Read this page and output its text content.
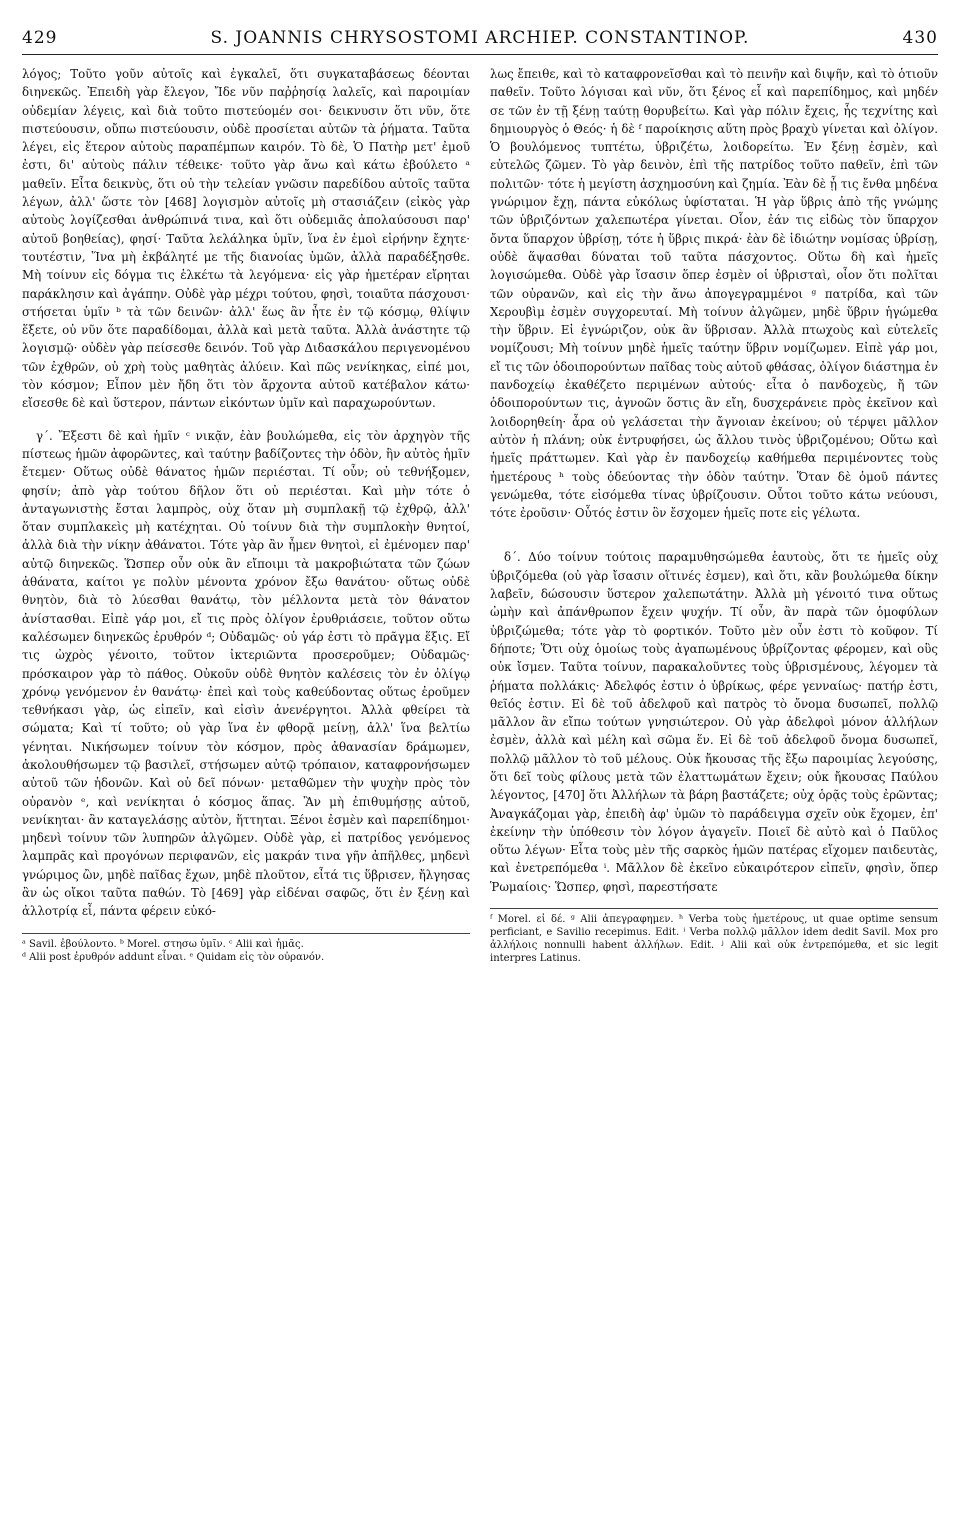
429	S. JOANNIS CHRYSOSTOMI ARCHIEP. CONSTANTINOP.	430

λόγος; Τοῦτο γοῦν αὐτοῖς καὶ ἐγκαλεῖ, ὅτι συγκαταβάσεως δέονται διηνεκῶς. Ἐπειδὴ γὰρ ἔλεγον, Ἴδε νῦν παῤῥησίᾳ λαλεῖς, καὶ παροιμίαν οὐδεμίαν λέγεις, καὶ διὰ τοῦτο πιστεύομέν σοι· δεικνυσιν ὅτι νῦν, ὅτε πιστεύουσιν, οὔπω πιστεύουσιν, οὐδὲ προσίεται αὐτῶν τὰ ῥήματα. Ταῦτα λέγει, εἰς ἕτερον αὐτοὺς παραπέμπων καιρόν. Τὸ δὲ, Ὁ Πατὴρ μετ' ἐμοῦ ἐστι, δι' αὐτοὺς πάλιν τέθεικε· τοῦτο γὰρ ἄνω καὶ κάτω ἐβούλετο ᵃ μαθεῖν. Εἶτα δεικνὺς, ὅτι οὐ τὴν τελείαν γνῶσιν παρεδίδου αὐτοῖς ταῦτα λέγων, ἀλλ' ὥστε τὸν [468] λογισμὸν αὐτοῖς μὴ στασιάζειν (εἰκὸς γὰρ αὐτοὺς λογίζεσθαι ἀνθρώπινά τινα, καὶ ὅτι οὐδεμιᾶς ἀπολαύσουσι παρ' αὐτοῦ βοηθείας), φησί· Ταῦτα λελάληκα ὑμῖν, ἵνα ἐν ἐμοὶ εἰρήνην ἔχητε· τουτέστιν, Ἵνα μὴ ἐκβάλητέ με τῆς διανοίας ὑμῶν, ἀλλὰ παραδέξησθε. Μὴ τοίνυν εἰς δόγμα τις ἑλκέτω τὰ λεγόμενα· εἰς γὰρ ἡμετέραν εἴρηται παράκλησιν καὶ ἀγάπην. Οὐδὲ γὰρ μέχρι τούτου, φησὶ, τοιαῦτα πάσχουσι· στήσεται ὑμῖν ᵇ τὰ τῶν δεινῶν· ἀλλ' ἕως ἂν ἦτε ἐν τῷ κόσμῳ, θλίψιν ἕξετε, οὐ νῦν ὅτε παραδίδομαι, ἀλλὰ καὶ μετὰ ταῦτα. Ἀλλὰ ἀνάστητε τῷ λογισμῷ· οὐδὲν γὰρ πείσεσθε δεινόν. Τοῦ γὰρ Διδασκάλου περιγενομένου τῶν ἐχθρῶν, οὐ χρὴ τοὺς μαθητὰς ἀλύειν. Καὶ πῶς νενίκηκας, εἰπέ μοι, τὸν κόσμον; Εἶπον μὲν ἤδη ὅτι τὸν ἄρχοντα αὐτοῦ κατέβαλον κάτω· εἴσεσθε δὲ καὶ ὕστερον, πάντων εἰκόντων ὑμῖν καὶ παραχωρούντων.

γ΄. Ἔξεστι δὲ καὶ ἡμῖν ᶜ νικᾷν, ἐὰν βουλώμεθα, εἰς τὸν ἀρχηγὸν τῆς πίστεως ἡμῶν ἀφορῶντες, καὶ ταύτην βαδίζοντες τὴν ὁδὸν, ἣν αὐτὸς ἡμῖν ἔτεμεν· Οὕτως οὐδὲ θάνατος ἡμῶν περιέσται. Τί οὖν; οὐ τεθνήξομεν, φησίν; ἀπὸ γὰρ τούτου δῆλον ὅτι οὐ περιέσται. Καὶ μὴν τότε ὁ ἀνταγωνιστὴς ἔσται λαμπρὸς, οὐχ ὅταν μὴ συμπλακῇ τῷ ἐχθρῷ, ἀλλ' ὅταν συμπλακεὶς μὴ κατέχηται. Οὐ τοίνυν διὰ τὴν συμπλοκὴν θνητοί, ἀλλὰ διὰ τὴν νίκην ἀθάνατοι. Τότε γὰρ ἂν ἦμεν θνητοὶ, εἰ ἐμένομεν παρ' αὐτῷ διηνεκῶς. Ὥσπερ οὖν οὐκ ἂν εἴποιμι τὰ μακροβιώτατα τῶν ζώων ἀθάνατα, καίτοι γε πολὺν μένοντα χρόνον ἔξω θανάτου· οὕτως οὐδὲ θνητὸν, διὰ τὸ λύεσθαι θανάτῳ, τὸν μέλλοντα μετὰ τὸν θάνατον ἀνίστασθαι. Εἰπὲ γάρ μοι, εἴ τις πρὸς ὀλίγον ἐρυθριάσειε, τοῦτον οὕτω καλέσωμεν διηνεκῶς ἐρυθρόν ᵈ; Οὐδαμῶς· οὐ γάρ ἐστι τὸ πρᾶγμα ἕξις. Εἴ τις ὠχρὸς γένοιτο, τοῦτον ἰκτεριῶντα προσεροῦμεν; Οὐδαμῶς· πρόσκαιρον γὰρ τὸ πάθος. Οὐκοῦν οὐδὲ θνητὸν καλέσεις τὸν ἐν ὀλίγῳ χρόνῳ γενόμενον ἐν θανάτῳ· ἐπεὶ καὶ τοὺς καθεύδοντας οὕτως ἐροῦμεν τεθνήκασι γὰρ, ὡς εἰπεῖν, καὶ εἰσὶν ἀνενέργητοι. Ἀλλὰ φθείρει τὰ σώματα; Καὶ τί τοῦτο; οὐ γὰρ ἵνα ἐν φθορᾷ μείνῃ, ἀλλ' ἵνα βελτίω γένηται. Νικήσωμεν τοίνυν τὸν κόσμον, πρὸς ἀθανασίαν δράμωμεν, ἀκολουθήσωμεν τῷ βασιλεῖ, στήσωμεν αὐτῷ τρόπαιον, καταφρονήσωμεν αὐτοῦ τῶν ἡδονῶν. Καὶ οὐ δεῖ πόνων· μεταθῶμεν τὴν ψυχὴν πρὸς τὸν οὐρανὸν ᵉ, καὶ νενίκηται ὁ κόσμος ἅπας. Ἂν μὴ ἐπιθυμήσῃς αὐτοῦ, νενίκηται· ἂν καταγελάσῃς αὐτὸν, ἥττηται. Ξένοι ἐσμὲν καὶ παρεπίδημοι· μηδενὶ τοίνυν τῶν λυπηρῶν ἀλγῶμεν. Οὐδὲ γὰρ, εἰ πατρίδος γενόμενος λαμπρᾶς καὶ προγόνων περιφανῶν, εἰς μακράν τινα γῆν ἀπῆλθες, μηδενὶ γνώριμος ὢν, μηδὲ παῖδας ἔχων, μηδὲ πλοῦτον, εἶτά τις ὕβρισεν, ἤλγησας ἂν ὡς οἴκοι ταῦτα παθών. Τὸ [469] γὰρ εἰδέναι σαφῶς, ὅτι ἐν ξένῃ καὶ ἀλλοτρίᾳ εἶ, πάντα φέρειν εὐκό-

ᵃ Savil. ἐβούλοντο. ᵇ Morel. στησω ὑμῖν. ᶜ Alii καὶ ἡμᾶς.

ᵈ Alii post ἐρυθρόν addunt εἶναι. ᵉ Quidam εἰς τὸν οὐρανόν.

λως ἔπειθε, καὶ τὸ καταφρονεῖσθαι καὶ τὸ πεινῆν καὶ διψῆν, καὶ τὸ ὁτιοῦν παθεῖν. Τοῦτο λόγισαι καὶ νῦν, ὅτι ξένος εἶ καὶ παρεπίδημος, καὶ μηδέν σε τῶν ἐν τῇ ξένῃ ταύτῃ θορυβείτω. Καὶ γὰρ πόλιν ἔχεις, ἧς τεχνίτης καὶ δημιουργὸς ὁ Θεός· ἡ δὲ ᶠ παροίκησις αὕτη πρὸς βραχὺ γίνεται καὶ ὀλίγον. Ὁ βουλόμενος τυπτέτω, ὑβριζέτω, λοιδορείτω. Ἐν ξένῃ ἐσμὲν, καὶ εὐτελῶς ζῶμεν. Τὸ γὰρ δεινὸν, ἐπὶ τῆς πατρίδος τοῦτο παθεῖν, ἐπὶ τῶν πολιτῶν· τότε ἡ μεγίστη ἀσχημοσύνη καὶ ζημία. Ἐὰν δὲ ᾖ τις ἔνθα μηδένα γνώριμον ἔχῃ, πάντα εὐκόλως ὑφίσταται. Ἡ γὰρ ὕβρις ἀπὸ τῆς γνώμης τῶν ὑβριζόντων χαλεπωτέρα γίνεται. Οἷον, ἐάν τις εἰδὼς τὸν ὕπαρχον ὄντα ὕπαρχον ὑβρίσῃ, τότε ἡ ὕβρις πικρά· ἐὰν δὲ ἰδιώτην νομίσας ὑβρίσῃ, οὐδὲ ἅψασθαι δύναται τοῦ ταῦτα πάσχοντος. Οὕτω δὴ καὶ ἡμεῖς λογισώμεθα. Οὐδὲ γὰρ ἴσασιν ὅπερ ἐσμὲν οἱ ὑβρισταὶ, οἷον ὅτι πολῖται τῶν οὐρανῶν, καὶ εἰς τὴν ἄνω ἀπογεγραμμένοι ᵍ πατρίδα, καὶ τῶν Χερουβὶμ ἐσμὲν συγχορευταί. Μὴ τοίνυν ἀλγῶμεν, μηδὲ ὕβριν ἡγώμεθα τὴν ὕβριν. Εἰ ἐγνώριζον, οὐκ ἂν ὕβρισαν. Ἀλλὰ πτωχοὺς καὶ εὐτελεῖς νομίζουσι; Μὴ τοίνυν μηδὲ ἡμεῖς ταύτην ὕβριν νομίζωμεν. Εἰπὲ γάρ μοι, εἴ τις τῶν ὁδοιπορούντων παῖδας τοὺς αὐτοῦ φθάσας, ὀλίγον διάστημα ἐν πανδοχείῳ ἐκαθέζετο περιμένων αὐτούς· εἶτα ὁ πανδοχεὺς, ἤ τῶν ὁδοιπορούντων τις, ἀγνοῶν ὅστις ἂν εἴη, δυσχεράνειε πρὸς ἐκεῖνον καὶ λοιδορηθείη· ἆρα οὐ γελάσεται τὴν ἄγνοιαν ἐκείνου; οὐ τέρψει μᾶλλον αὐτὸν ἡ πλάνη; οὐκ ἐντρυφήσει, ὡς ἄλλου τινὸς ὑβριζομένου; Οὕτω καὶ ἡμεῖς πράττωμεν. Καὶ γὰρ ἐν πανδοχείῳ καθήμεθα περιμένοντες τοὺς ἡμετέρους ʰ τοὺς ὁδεύοντας τὴν ὁδὸν ταύτην. Ὅταν δὲ ὁμοῦ πάντες γενώμεθα, τότε εἰσόμεθα τίνας ὑβρίζουσιν. Οὗτοι τοῦτο κάτω νεύουσι, τότε ἐροῦσιν· Οὗτός ἐστιν ὃν ἔσχομεν ἡμεῖς ποτε εἰς γέλωτα.

δ΄. Δύο τοίνυν τούτοις παραμυθησώμεθα ἑαυτοὺς, ὅτι τε ἡμεῖς οὐχ ὑβριζόμεθα (οὐ γὰρ ἴσασιν οἵτινές ἐσμεν), καὶ ὅτι, κἂν βουλώμεθα δίκην λαβεῖν, δώσουσιν ὕστερον χαλεπωτάτην. Ἀλλὰ μὴ γένοιτό τινα οὕτως ὠμὴν καὶ ἀπάνθρωπον ἔχειν ψυχήν. Τί οὖν, ἂν παρὰ τῶν ὁμοφύλων ὑβριζώμεθα; τότε γὰρ τὸ φορτικόν. Τοῦτο μὲν οὖν ἐστι τὸ κοῦφον. Τί δήποτε; Ὅτι οὐχ ὁμοίως τοὺς ἀγαπωμένους ὑβρίζοντας φέρομεν, καὶ οὓς οὐκ ἴσμεν. Ταῦτα τοίνυν, παρακαλοῦντες τοὺς ὑβρισμένους, λέγομεν τὰ ῥήματα πολλάκις· Ἀδελφός ἐστιν ὁ ὑβρίκως, φέρε γενναίως· πατήρ ἐστι, θεῖός ἐστιν. Εἰ δὲ τοῦ ἀδελφοῦ καὶ πατρὸς τὸ ὄνομα δυσωπεῖ, πολλῷ μᾶλλον ἂν εἴπω τούτων γνησιώτερον. Οὐ γὰρ ἀδελφοὶ μόνον ἀλλήλων ἐσμὲν, ἀλλὰ καὶ μέλη καὶ σῶμα ἕν. Εἰ δὲ τοῦ ἀδελφοῦ ὄνομα δυσωπεῖ, πολλῷ μᾶλλον τὸ τοῦ μέλους. Οὐκ ἤκουσας τῆς ἔξω παροιμίας λεγούσης, ὅτι δεῖ τοὺς φίλους μετὰ τῶν ἐλαττωμάτων ἔχειν; οὐκ ἤκουσας Παύλου λέγοντος, [470] ὅτι Ἀλλήλων τὰ βάρη βαστάζετε; οὐχ ὁρᾷς τοὺς ἐρῶντας; Ἀναγκάζομαι γὰρ, ἐπειδὴ ἀφ' ὑμῶν τὸ παράδειγμα σχεῖν οὐκ ἔχομεν, ἐπ' ἐκείνην τὴν ὑπόθεσιν τὸν λόγον ἀγαγεῖν. Ποιεῖ δὲ αὐτὸ καὶ ὁ Παῦλος οὕτω λέγων· Εἶτα τοὺς μὲν τῆς σαρκὸς ἡμῶν πατέρας εἴχομεν παιδευτὰς, καὶ ἐνετρεπόμεθα ⁱ. Μᾶλλον δὲ ἐκεῖνο εὐκαιρότερον εἰπεῖν, φησὶν, ὅπερ Ῥωμαίοις· Ὥσπερ, φησὶ, παρεστήσατε

ᶠ Morel. εἰ δέ. ᵍ Alii ἀπεγραφημεν. ʰ Verba τοὺς ἡμετέρους, ut quae optime sensum perficiant, e Savilio recepimus. Edit. ⁱ Verba πολλῷ μᾶλλον idem dedit Savil. Mox pro ἀλλήλοις nonnulli habent ἀλλήλων. Edit. ʲ Alii καὶ οὐκ ἐντρεπόμεθα, et sic legit interpres Latinus.
